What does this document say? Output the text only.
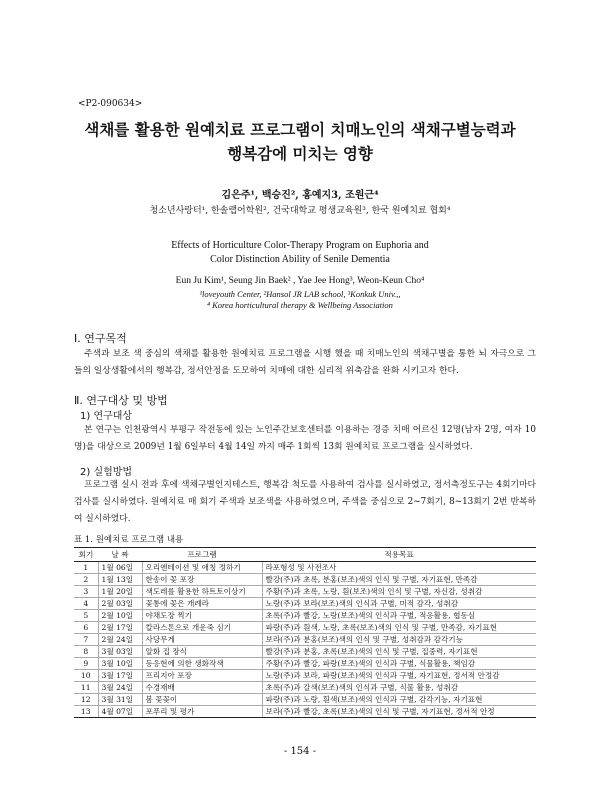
<P2-090634>
색채를 활용한 원예치료 프로그램이 치매노인의 색채구별능력과
행복감에 미치는 영향
김은주¹, 백승진², 홍예지3, 조원근⁴
청소년사랑터¹, 한솔랩어학원², 건국대학교 평생교육원³, 한국 원예치료 협회⁴
Effects of Horticulture Color-Therapy Program on Euphoria and
Color Distinction Ability of Senile Dementia
Eun Ju Kim¹, Seung Jin Baek² , Yae Jee Hong³, Weon-Keun Cho⁴
¹loveyouth Center, ²Hansol JR LAB school, ³Konkuk Univ.,,
⁴ Korea horticultural therapy & Wellbeing Association
Ⅰ. 연구목적
주색과 보조 색 중심의 색채를 활용한 원예치료 프로그램을 시행 했을 때 치매노인의 색채구별을 통한 뇌 자극으로 그들의 일상생활에서의 행복감, 정서안정을 도모하여 치매에 대한 심리적 위축감을 완화 시키고자 한다.
Ⅱ. 연구대상 및 방법
1) 연구대상
본 연구는 인천광역시 부평구 작전동에 있는 노인주간보호센터를 이용하는 경증 치매 어르신 12명(남자 2명, 여자 10명)을 대상으로 2009년 1월 6일부터 4월 14일 까지 매주 1회씩 13회 원예치료 프로그램을 실시하였다.
2) 실험방법
프로그램 실시 전과 후에 색채구별인지테스트, 행복감 척도를 사용하여 검사를 실시하였고, 정서측정도구는 4회기마다 검사를 실시하였다. 원예치료 매 회기 주색과 보조색을 사용하였으며, 주색을 중심으로 2~7회기, 8~13회기 2번 반복하여 실시하였다.
표 1. 원예치료 프로그램 내용
회기	날 짜	프로그램	적용목표
1	1월 06일	오리엔테이션 및 애칭 정하기	라포형성 및 사전조사
2	1월 13일	한송이 꽃 포장	빨강(주)과 초록, 분홍(보조)색의 인식 및 구별, 자기표현, 만족감
3	1월 20일	색도레를 활용한 하트토이상기	주황(주)과 초록, 노랑, 흰(보조)색의 인식 및 구별, 자신감, 성취감
4	2월 03일	꽃통에 꽃은 개례라	노랑(주)과 보라(보조)색의 인식과 구별, 미적 감각, 성취감
5	2월 10일	야채도장 찍기	초록(주)과 빨강, 노랑(보조)색의 인식과 구별, 적응활용, 협동심
6	2월 17일	칼라스톤으로 개운죽 심기	파랑(주)과 흰색, 노랑, 초록(보조)색의 인식 및 구별, 만족감, 자기표현
7	2월 24일	사당무게	보라(주)과 분홍(보조)색의 인식 및 구별, 성취감과 감각기능
8	3월 03일	알화 집 장식	빨강(주)과 분홍, 초록(보조)색의 인식 및 구별, 집중력, 자기표현
9	3월 10일	등응현에 의한 생화작색	주황(주)과 빨강, 파랑(보조)색의 인식과 구별, 식물활용, 책임감
10	3월 17일	프리지아 포장	노랑(주)과 보라, 파랑(보조)색의 인식과 구별, 자기표현, 정서적 안정감
11	3월 24일	수경재배	초록(주)과 갈색(보조)색의 인식과 구별, 식물 활용, 성취감
12	3월 31일	봄 꽃꽂이	파랑(주)과 노랑, 흰색(보조)색의 인식과 구별, 감각기능, 자기표현
13	4월 07일	포푸리 및 평가	보라(주)과 빨강, 초록(보조)색의 인식 및 구별, 자기표현, 정서적 안정
- 154 -
